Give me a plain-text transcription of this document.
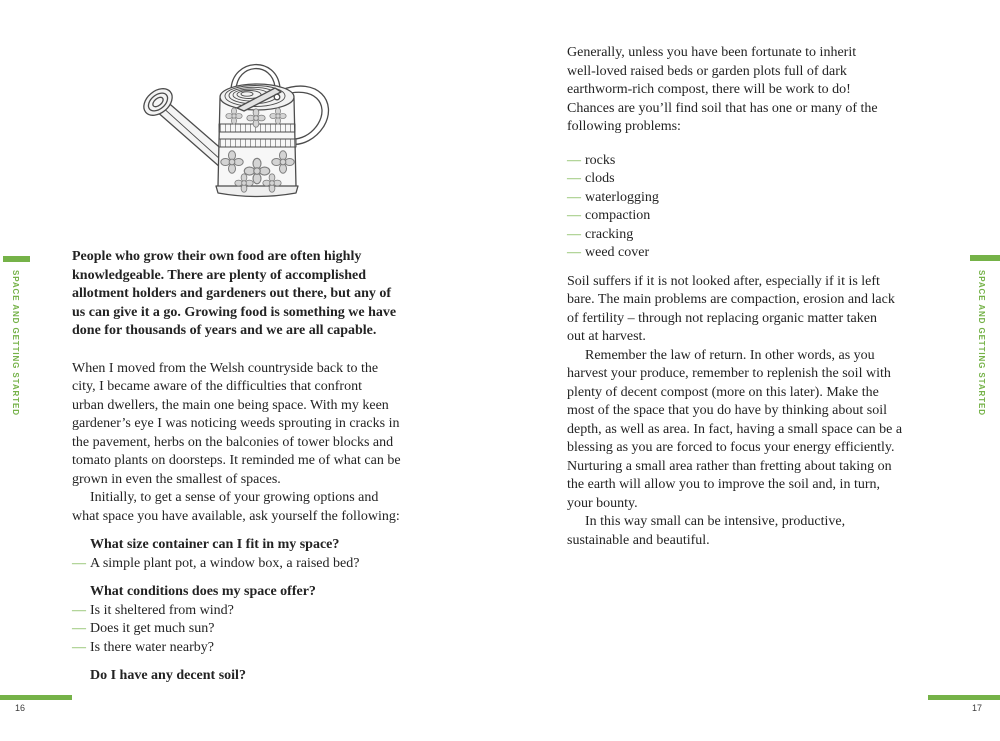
SPACE AND GETTING STARTED	SPACE AND GETTING STARTED
People who grow their own food are often highly
knowledgeable. There are plenty of accomplished
allotment holders and gardeners out there, but any of
us can give it a go. Growing food is something we have
done for thousands of years and we are all capable.
When I moved from the Welsh countryside back to the
city, I became aware of the difficulties that confront
urban dwellers, the main one being space. With my keen
gardener’s eye I was noticing weeds sprouting in cracks in
the pavement, herbs on the balconies of tower blocks and
tomato plants on doorsteps. It reminded me of what can be
grown in even the smallest of spaces.
Initially, to get a sense of your growing options and
what space you have available, ask yourself the following:
What size container can I fit in my space?
— A simple plant pot, a window box, a raised bed?
What conditions does my space offer?
— Is it sheltered from wind?
— Does it get much sun?
— Is there water nearby?
Do I have any decent soil?
Generally, unless you have been fortunate to inherit
well-loved raised beds or garden plots full of dark
earthworm-rich compost, there will be work to do!
Chances are you’ll find soil that has one or many of the
following problems:
— rocks
— clods
— waterlogging
— compaction
— cracking
— weed cover
Soil suffers if it is not looked after, especially if it is left
bare. The main problems are compaction, erosion and lack
of fertility – through not replacing organic matter taken
out at harvest.
Remember the law of return. In other words, as you
harvest your produce, remember to replenish the soil with
plenty of decent compost (more on this later). Make the
most of the space that you do have by thinking about soil
depth, as well as area. In fact, having a small space can be a
blessing as you are forced to focus your energy efficiently.
Nurturing a small area rather than fretting about taking on
the earth will allow you to improve the soil and, in turn,
your bounty.
In this way small can be intensive, productive,
sustainable and beautiful.
16	17
